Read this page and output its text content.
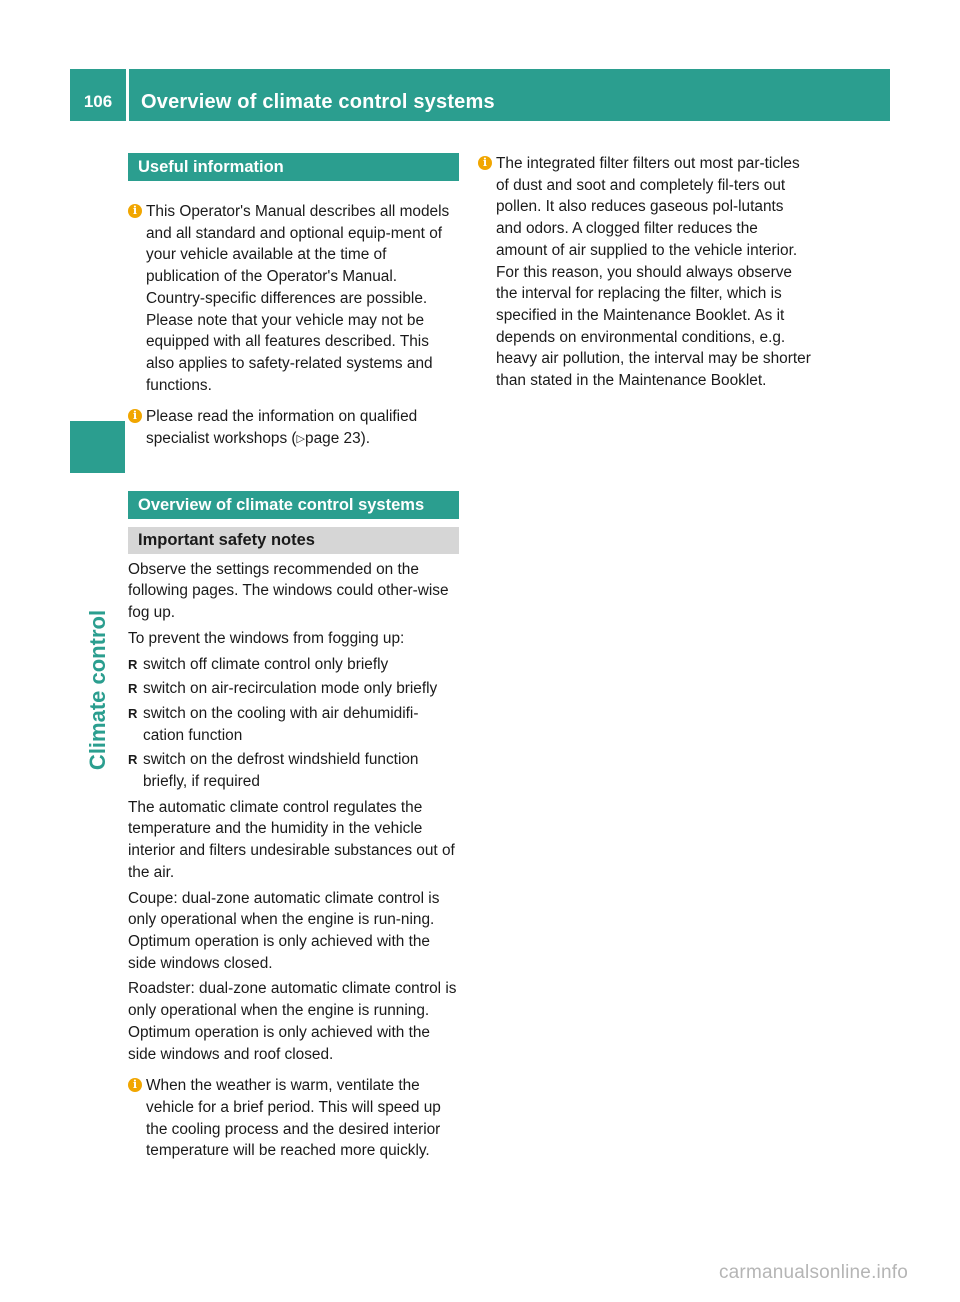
106	Overview of climate control systems
Climate control
Useful information
i This Operator's Manual describes all models and all standard and optional equip-ment of your vehicle available at the time of publication of the Operator's Manual. Country-specific differences are possible. Please note that your vehicle may not be equipped with all features described. This also applies to safety-related systems and functions.

i Please read the information on qualified specialist workshops (▷page 23).

Overview of climate control systems
Important safety notes

Observe the settings recommended on the following pages. The windows could other-wise fog up.

To prevent the windows from fogging up:

R switch off climate control only briefly

R switch on air-recirculation mode only briefly

R switch on the cooling with air dehumidifi-cation function

R switch on the defrost windshield function briefly, if required

The automatic climate control regulates the temperature and the humidity in the vehicle interior and filters undesirable substances out of the air.

Coupe: dual-zone automatic climate control is only operational when the engine is run-ning. Optimum operation is only achieved with the side windows closed.

Roadster: dual-zone automatic climate control is only operational when the engine is running. Optimum operation is only achieved with the side windows and roof closed.

i When the weather is warm, ventilate the vehicle for a brief period. This will speed up the cooling process and the desired interior temperature will be reached more quickly.

i The integrated filter filters out most par-ticles of dust and soot and completely fil-ters out pollen. It also reduces gaseous pol-lutants and odors. A clogged filter reduces the amount of air supplied to the vehicle interior. For this reason, you should always observe the interval for replacing the filter, which is specified in the Maintenance Booklet. As it depends on environmental conditions, e.g. heavy air pollution, the interval may be shorter than stated in the Maintenance Booklet.

carmanualsonline.info
